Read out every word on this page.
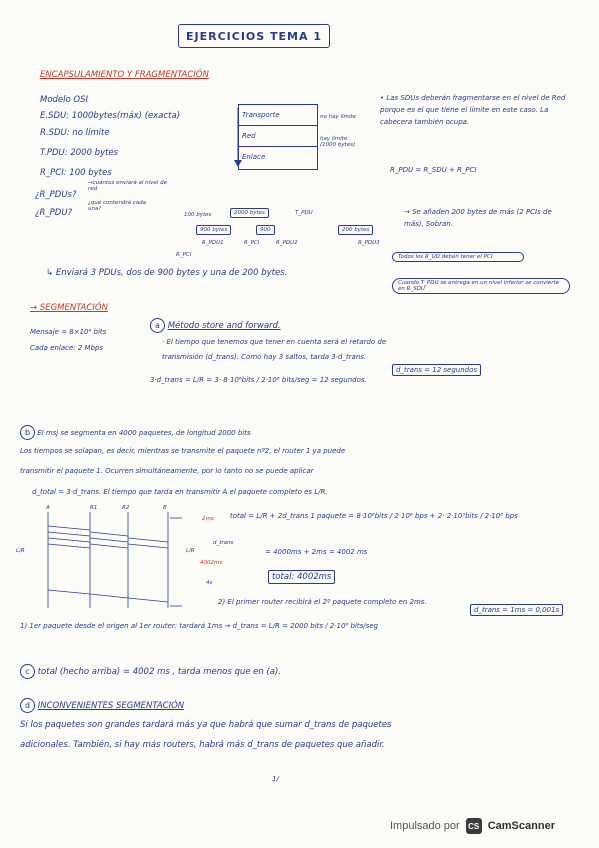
EJERCICIOS TEMA 1
ENCAPSULAMIENTO Y FRAGMENTACIÓN
Modelo OSI
E.SDU: 1000bytes(máx) (exacta)
R.SDU: no límite
T.PDU: 2000 bytes
R_PCI: 100 bytes
¿R_PDUs?
→cuántos enviará al nivel de red
¿R_PDU?
¿qué contendrá cada una?
Transporte
Red
Enlace
no hay límite
hay límite (1000 bytes)
• Las SDUs deberán fragmentarse en el nivel de Red porque es el que tiene el límite en este caso. La cabecera también ocupa.
R_PDU = R_SDU + R_PCI
100 bytes	2000 bytes	T_PDU
900 bytes	900	200 bytes
R_PDU1	R_PDU2	R_PDU3
R_PCI
R_PCI
→ Se añaden 200 bytes de más (2 PCIs de más), Sobran.
Todos los R_UD deben tener el PCI
Cuando T_PDU se entrega en un nivel inferior se convierte en R_SDU
↳ Enviará 3 PDUs, dos de 900 bytes y una de 200 bytes.
→ SEGMENTACIÓN
Mensaje = 8×10⁶ bits
Cada enlace: 2 Mbps
a Método store and forward.
· El tiempo que tenemos que tener en cuenta será el retardo de
transmisión (d_trans). Como hay 3 saltos, tarda 3·d_trans.
3·d_trans = L/R = 3· 8·10⁶bits / 2·10⁶ bits/seg = 12 segundos.
d_trans = 12 segundos
b El msj se segmenta en 4000 paquetes, de longitud 2000 bits
Los tiempos se solapan, es decir, mientras se transmite el paquete nº2, el router 1 ya puede
transmitir el paquete 1. Ocurren simultáneamente, por lo tanto no se puede aplicar
d_total = 3·d_trans. El tiempo que tarda en transmitir A el paquete completo es L/R.
A	R1	R2	B
L/R	L/R
2ms
4002ms
d_trans
4s
total = L/R + 2d_trans 1 paquete = 8·10⁶bits / 2·10⁶ bps + 2· 2·10³bits / 2·10⁶ bps
= 4000ms + 2ms = 4002 ms
total: 4002ms
2) El primer router recibirá el 2º paquete completo en 2ms.
1) 1er paquete desde el origen al 1er router: tardará 1ms → d_trans = L/R = 2000 bits / 2·10⁶ bits/seg
d_trans = 1ms = 0,001s
c total (hecho arriba) = 4002 ms , tarda menos que en (a).
d INCONVENIENTES SEGMENTACIÓN
Si los paquetes son grandes tardará más ya que habrá que sumar d_trans de paquetes
adicionales. También, si hay más routers, habrá más d_trans de paquetes que añadir.
1/
Impulsado por	CS CamScanner
